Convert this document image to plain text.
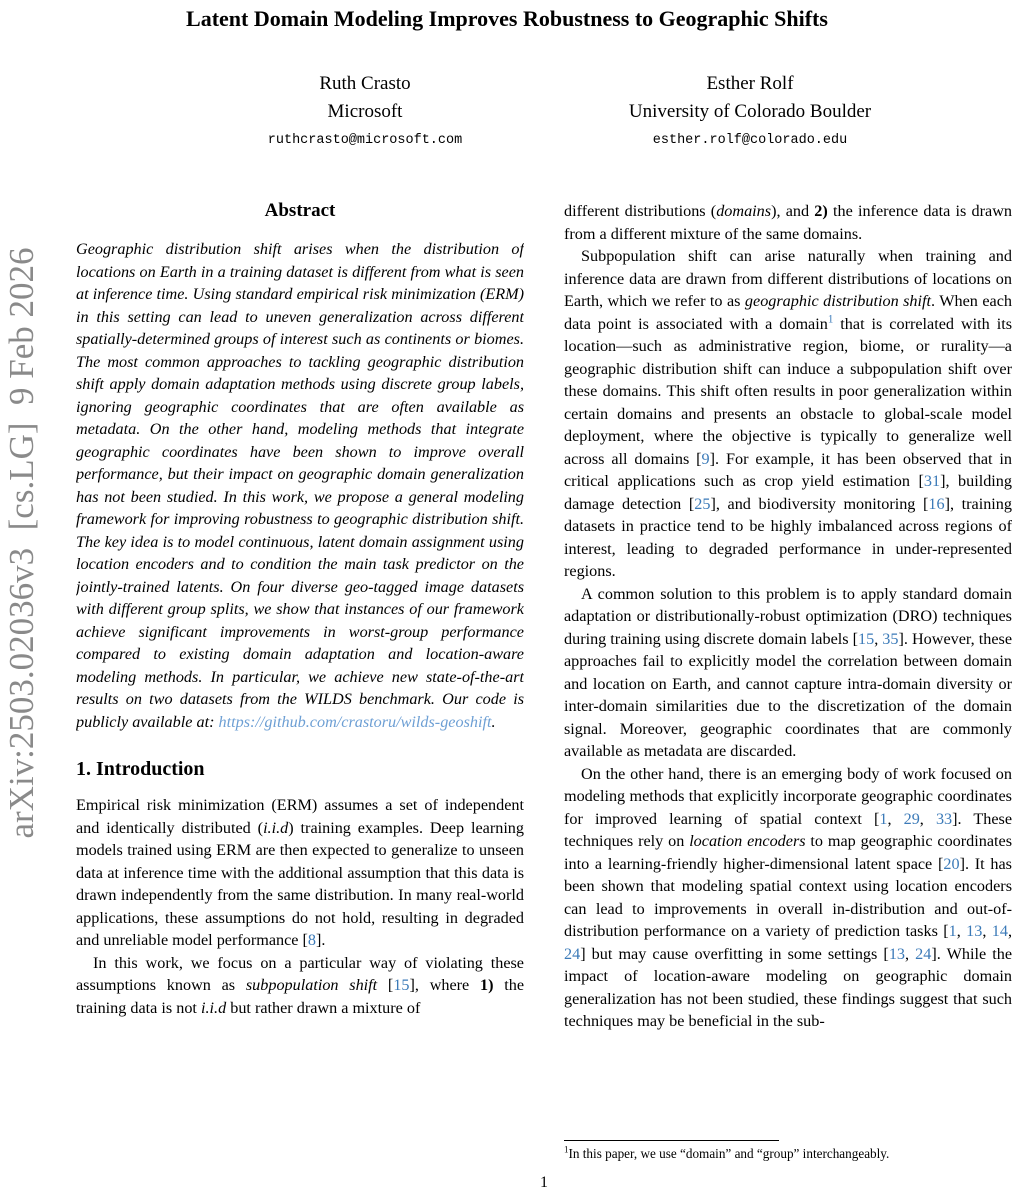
arXiv:2503.02036v3  [cs.LG]  9 Feb 2026
Latent Domain Modeling Improves Robustness to Geographic Shifts
Ruth Crasto
Microsoft
ruthcrasto@microsoft.com
Esther Rolf
University of Colorado Boulder
esther.rolf@colorado.edu
Abstract

Geographic distribution shift arises when the distribution of locations on Earth in a training dataset is different from what is seen at inference time. Using standard empirical risk minimization (ERM) in this setting can lead to uneven generalization across different spatially-determined groups of interest such as continents or biomes. The most common approaches to tackling geographic distribution shift apply domain adaptation methods using discrete group labels, ignoring geographic coordinates that are often available as metadata. On the other hand, modeling methods that integrate geographic coordinates have been shown to improve overall performance, but their impact on geographic domain generalization has not been studied. In this work, we propose a general modeling framework for improving robustness to geographic distribution shift. The key idea is to model continuous, latent domain assignment using location encoders and to condition the main task predictor on the jointly-trained latents. On four diverse geo-tagged image datasets with different group splits, we show that instances of our framework achieve significant improvements in worst-group performance compared to existing domain adaptation and location-aware modeling methods. In particular, we achieve new state-of-the-art results on two datasets from the WILDS benchmark. Our code is publicly available at: https://github.com/crastoru/wilds-geoshift.

1. Introduction

Empirical risk minimization (ERM) assumes a set of independent and identically distributed (i.i.d) training examples. Deep learning models trained using ERM are then expected to generalize to unseen data at inference time with the additional assumption that this data is drawn independently from the same distribution. In many real-world applications, these assumptions do not hold, resulting in degraded and unreliable model performance [8].

In this work, we focus on a particular way of violating these assumptions known as subpopulation shift [15], where 1) the training data is not i.i.d but rather drawn a mixture of

different distributions (domains), and 2) the inference data is drawn from a different mixture of the same domains.

Subpopulation shift can arise naturally when training and inference data are drawn from different distributions of locations on Earth, which we refer to as geographic distribution shift. When each data point is associated with a domain$^1$ that is correlated with its location—such as administrative region, biome, or rurality—a geographic distribution shift can induce a subpopulation shift over these domains. This shift often results in poor generalization within certain domains and presents an obstacle to global-scale model deployment, where the objective is typically to generalize well across all domains [9]. For example, it has been observed that in critical applications such as crop yield estimation [31], building damage detection [25], and biodiversity monitoring [16], training datasets in practice tend to be highly imbalanced across regions of interest, leading to degraded performance in under-represented regions.

A common solution to this problem is to apply standard domain adaptation or distributionally-robust optimization (DRO) techniques during training using discrete domain labels [15, 35]. However, these approaches fail to explicitly model the correlation between domain and location on Earth, and cannot capture intra-domain diversity or inter-domain similarities due to the discretization of the domain signal. Moreover, geographic coordinates that are commonly available as metadata are discarded.

On the other hand, there is an emerging body of work focused on modeling methods that explicitly incorporate geographic coordinates for improved learning of spatial context [1, 29, 33]. These techniques rely on location encoders to map geographic coordinates into a learning-friendly higher-dimensional latent space [20]. It has been shown that modeling spatial context using location encoders can lead to improvements in overall in-distribution and out-of-distribution performance on a variety of prediction tasks [1, 13, 14, 24] but may cause overfitting in some settings [13, 24]. While the impact of location-aware modeling on geographic domain generalization has not been studied, these findings suggest that such techniques may be beneficial in the sub-

$^1$In this paper, we use “domain” and “group” interchangeably.

1
